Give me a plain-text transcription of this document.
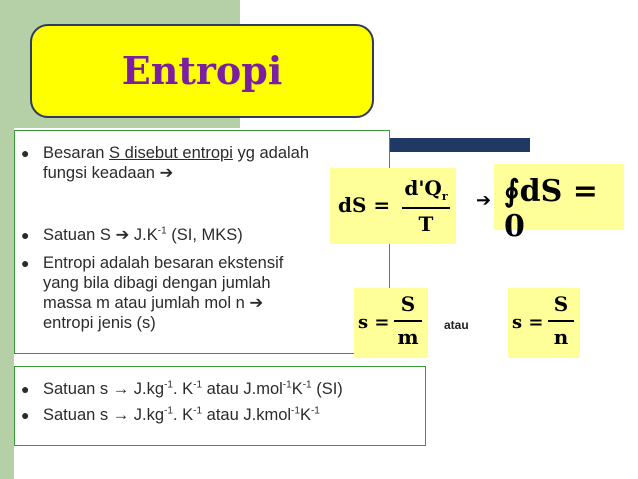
Entropi
● Besaran S disebut entropi yg adalah
fungsi keadaan ➔
● Satuan S ➔ $J.K^{-1}$ (SI, MKS)
● Entropi adalah besaran ekstensif
yang bila dibagi dengan jumlah
massa m atau jumlah mol n ➔
entropi jenis (s)
● Satuan $s \to J.kg^{-1}$. $K^{-1}$ atau $J.mol^{-1}K^{-1}$ (SI)
● Satuan $s \to J.kg^{-1}$. $K^{-1}$ atau $J.kmol^{-1}K^{-1}$
dS =
$d'Q_r$
T
➔ ∮dS = 0
s =
S
m atau s =
S
n
